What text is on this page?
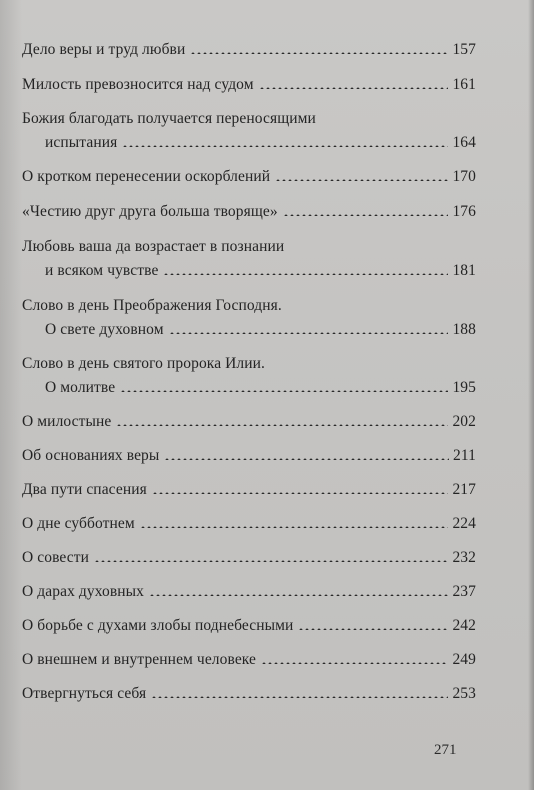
Дело веры и труд любви	157
Милость превозносится над судом	161
Божия благодать получается переносящими
испытания	164
О кротком перенесении оскорблений	170
«Честию друг друга больша творяще»	176
Любовь ваша да возрастает в познании
и всяком чувстве	181
Слово в день Преображения Господня.
О свете духовном	188
Слово в день святого пророка Илии.
О молитве	195
О милостыне	202
Об основаниях веры	211
Два пути спасения	217
О дне субботнем	224
О совести	232
О дарах духовных	237
О борьбе с духами злобы поднебесными	242
О внешнем и внутреннем человеке	249
Отвергнуться себя	253
271
